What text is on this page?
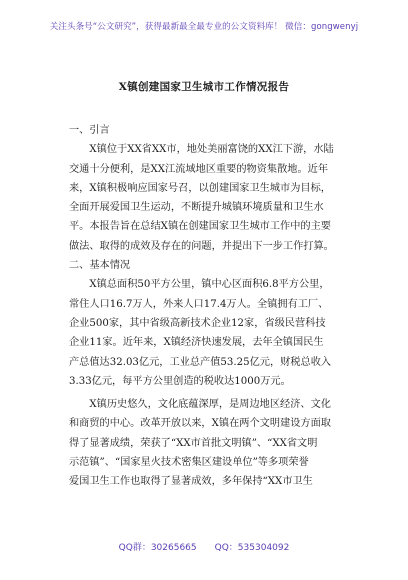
关注头条号“公文研究”，获得最新最全最专业的公文资料库！ 微信：gongwenyj
X镇创建国家卫生城市工作情况报告
一、引言
X镇位于XX省XX市，地处美丽富饶的XX江下游，水陆
交通十分便利，是XX江流域地区重要的物资集散地。近年
来，X镇积极响应国家号召，以创建国家卫生城市为目标，
全面开展爱国卫生运动，不断提升城镇环境质量和卫生水
平。本报告旨在总结X镇在创建国家卫生城市工作中的主要
做法、取得的成效及存在的问题，并提出下一步工作打算。
二、基本情况
X镇总面积50平方公里，镇中心区面积6.8平方公里，
常住人口16.7万人，外来人口17.4万人。全镇拥有工厂、
企业500家，其中省级高新技术企业12家，省级民营科技
企业11家。近年来，X镇经济快速发展，去年全镇国民生
产总值达32.03亿元，工业总产值53.25亿元，财税总收入
3.33亿元，每平方公里创造的税收达1000万元。
X镇历史悠久，文化底蕴深厚，是周边地区经济、文化
和商贸的中心。改革开放以来，X镇在两个文明建设方面取
得了显著成绩，荣获了“XX市首批文明镇”、“XX省文明
示范镇”、“国家星火技术密集区建设单位”等多项荣誉
爱国卫生工作也取得了显著成效，多年保持“XX市卫生
QQ群：30265665 QQ：535304092
